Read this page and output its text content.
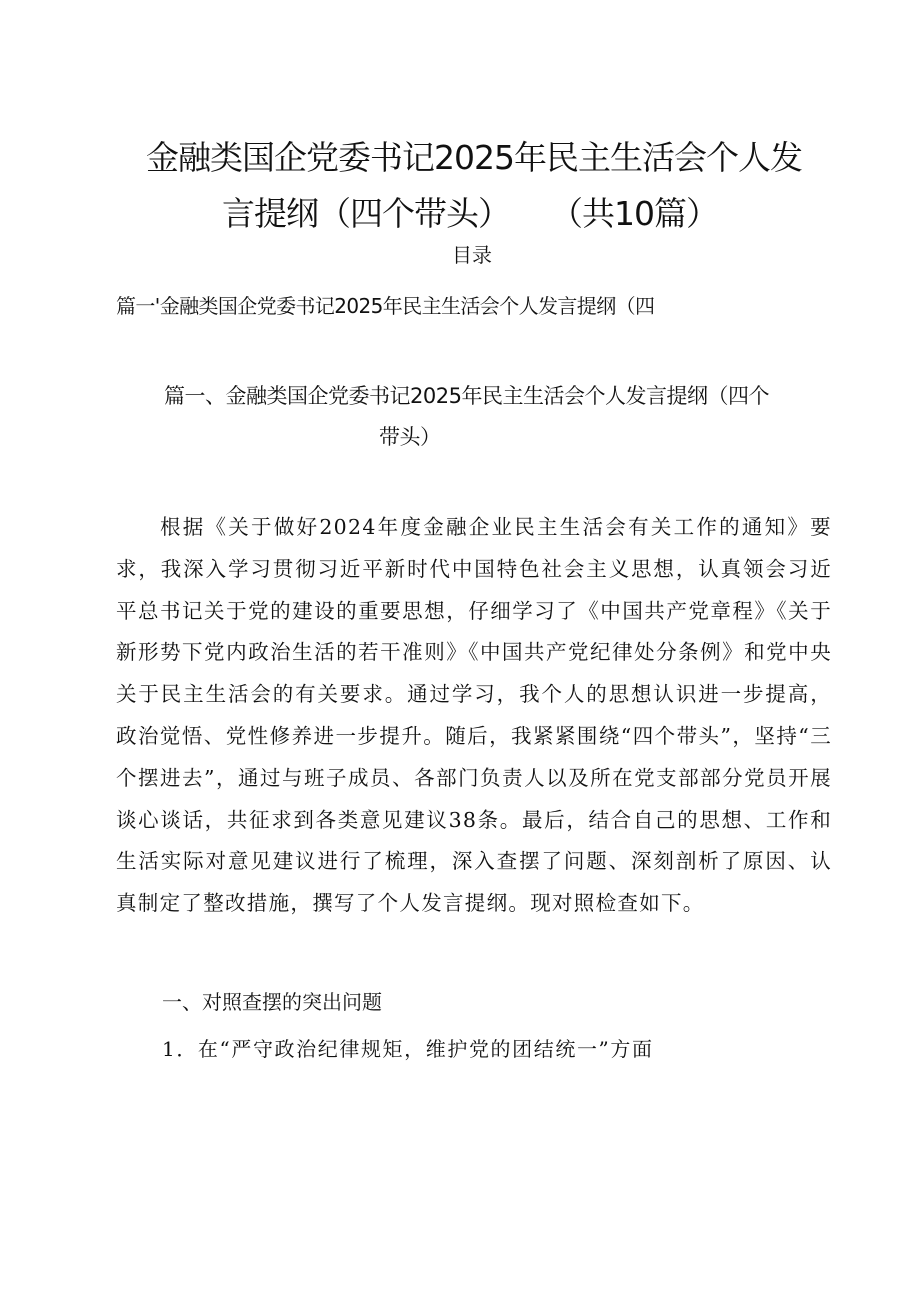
金融类国企党委书记2025年民主生活会个人发
言提纲（四个带头） （共10篇）
目录
篇一'金融类国企党委书记2025年民主生活会个人发言提纲（四
篇一、金融类国企党委书记2025年民主生活会个人发言提纲（四个
带头）

根据《关于做好2024年度金融企业民主生活会有关工作的通知》要求，我深入学习贯彻习近平新时代中国特色社会主义思想，认真领会习近平总书记关于党的建设的重要思想，仔细学习了《中国共产党章程》《关于新形势下党内政治生活的若干准则》《中国共产党纪律处分条例》和党中央关于民主生活会的有关要求。通过学习，我个人的思想认识进一步提高，政治觉悟、党性修养进一步提升。随后，我紧紧围绕“四个带头”，坚持“三个摆进去”，通过与班子成员、各部门负责人以及所在党支部部分党员开展谈心谈话，共征求到各类意见建议38条。最后，结合自己的思想、工作和生活实际对意见建议进行了梳理，深入查摆了问题、深刻剖析了原因、认真制定了整改措施，撰写了个人发言提纲。现对照检查如下。

一、对照查摆的突出问题
1．在“严守政治纪律规矩，维护党的团结统一”方面
